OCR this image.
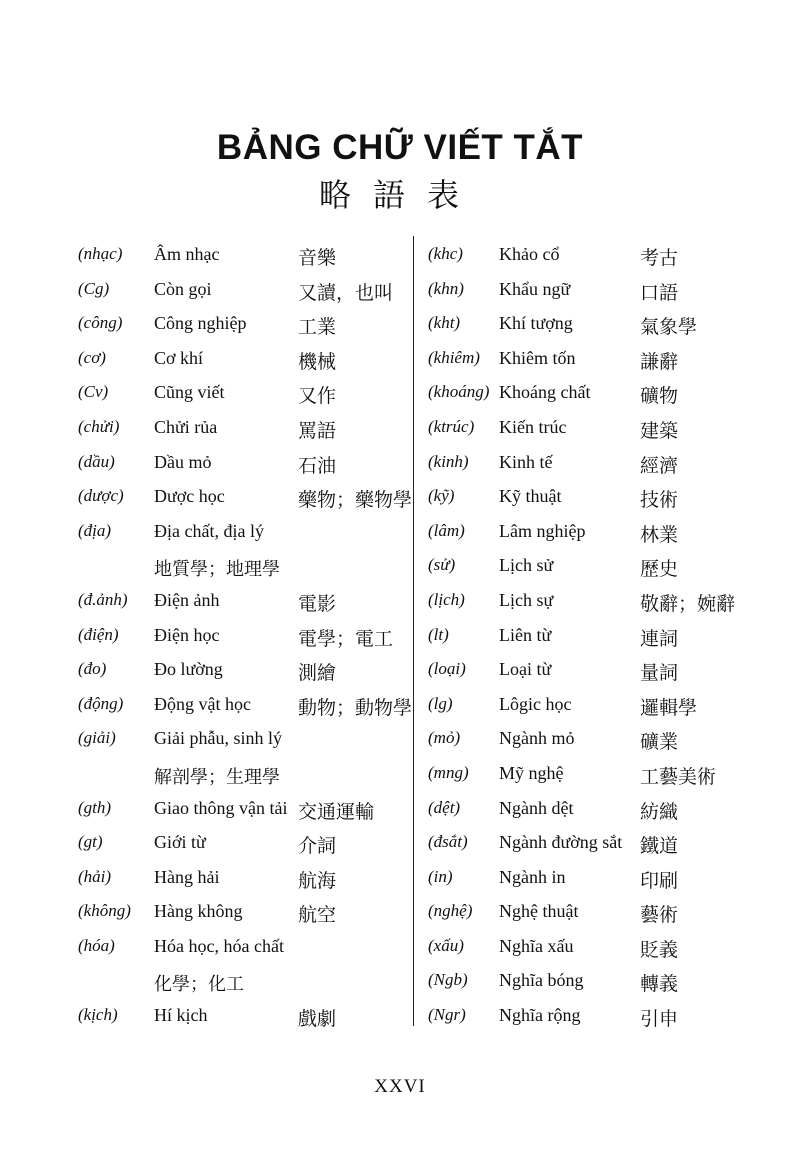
BẢNG CHỮ VIẾT TẮT
略語表
(nhạc) Âm nhạc	音樂
(Cg) Còn gọi	又讀，也叫
(công) Công nghiệp	工業
(cơ)	Cơ khí	機械
(Cv)	Cũng viết	又作
(chửi) Chửi rủa	罵語
(dầu) Dầu mỏ	石油
(dược) Dược học	藥物；藥物學
(địa) Địa chất, địa lý
地質學；地理學
(đ.ảnh) Điện ảnh	電影
(điện) Điện học	電學；電工
(đo)	Đo lường	測繪
(động) Động vật học 動物；動物學
(giải) Giải phẫu, sinh lý
解剖學；生理學
(gth) Giao thông vận tải 交通運輸
(gt)	Giới từ	介詞
(hải) Hàng hải	航海
(không) Hàng không	航空
(hóa) Hóa học, hóa chất
化學；化工
(kịch) Hí kịch	戲劇
(khc) Khảo cổ	考古
(khn) Khẩu ngữ	口語
(kht) Khí tượng	氣象學
(khiêm) Khiêm tốn	謙辭
(khoáng) Khoáng chất	礦物
(ktrúc) Kiến trúc	建築
(kinh) Kinh tế	經濟
(kỹ) Kỹ thuật	技術
(lâm) Lâm nghiệp	林業
(sử) Lịch sử	歷史
(lịch) Lịch sự	敬辭；婉辭
(lt)	Liên từ	連詞
(loại) Loại từ	量詞
(lg)	Lôgic học	邏輯學
(mỏ) Ngành mỏ	礦業
(mng) Mỹ nghệ	工藝美術
(dệt) Ngành dệt	紡織
(đsắt) Ngành đường sắt 鐵道
(in)	Ngành in	印刷
(nghệ) Nghệ thuật	藝術
(xấu) Nghĩa xấu	貶義
(Ngb) Nghĩa bóng	轉義
(Ngr) Nghĩa rộng	引申
XXVI
